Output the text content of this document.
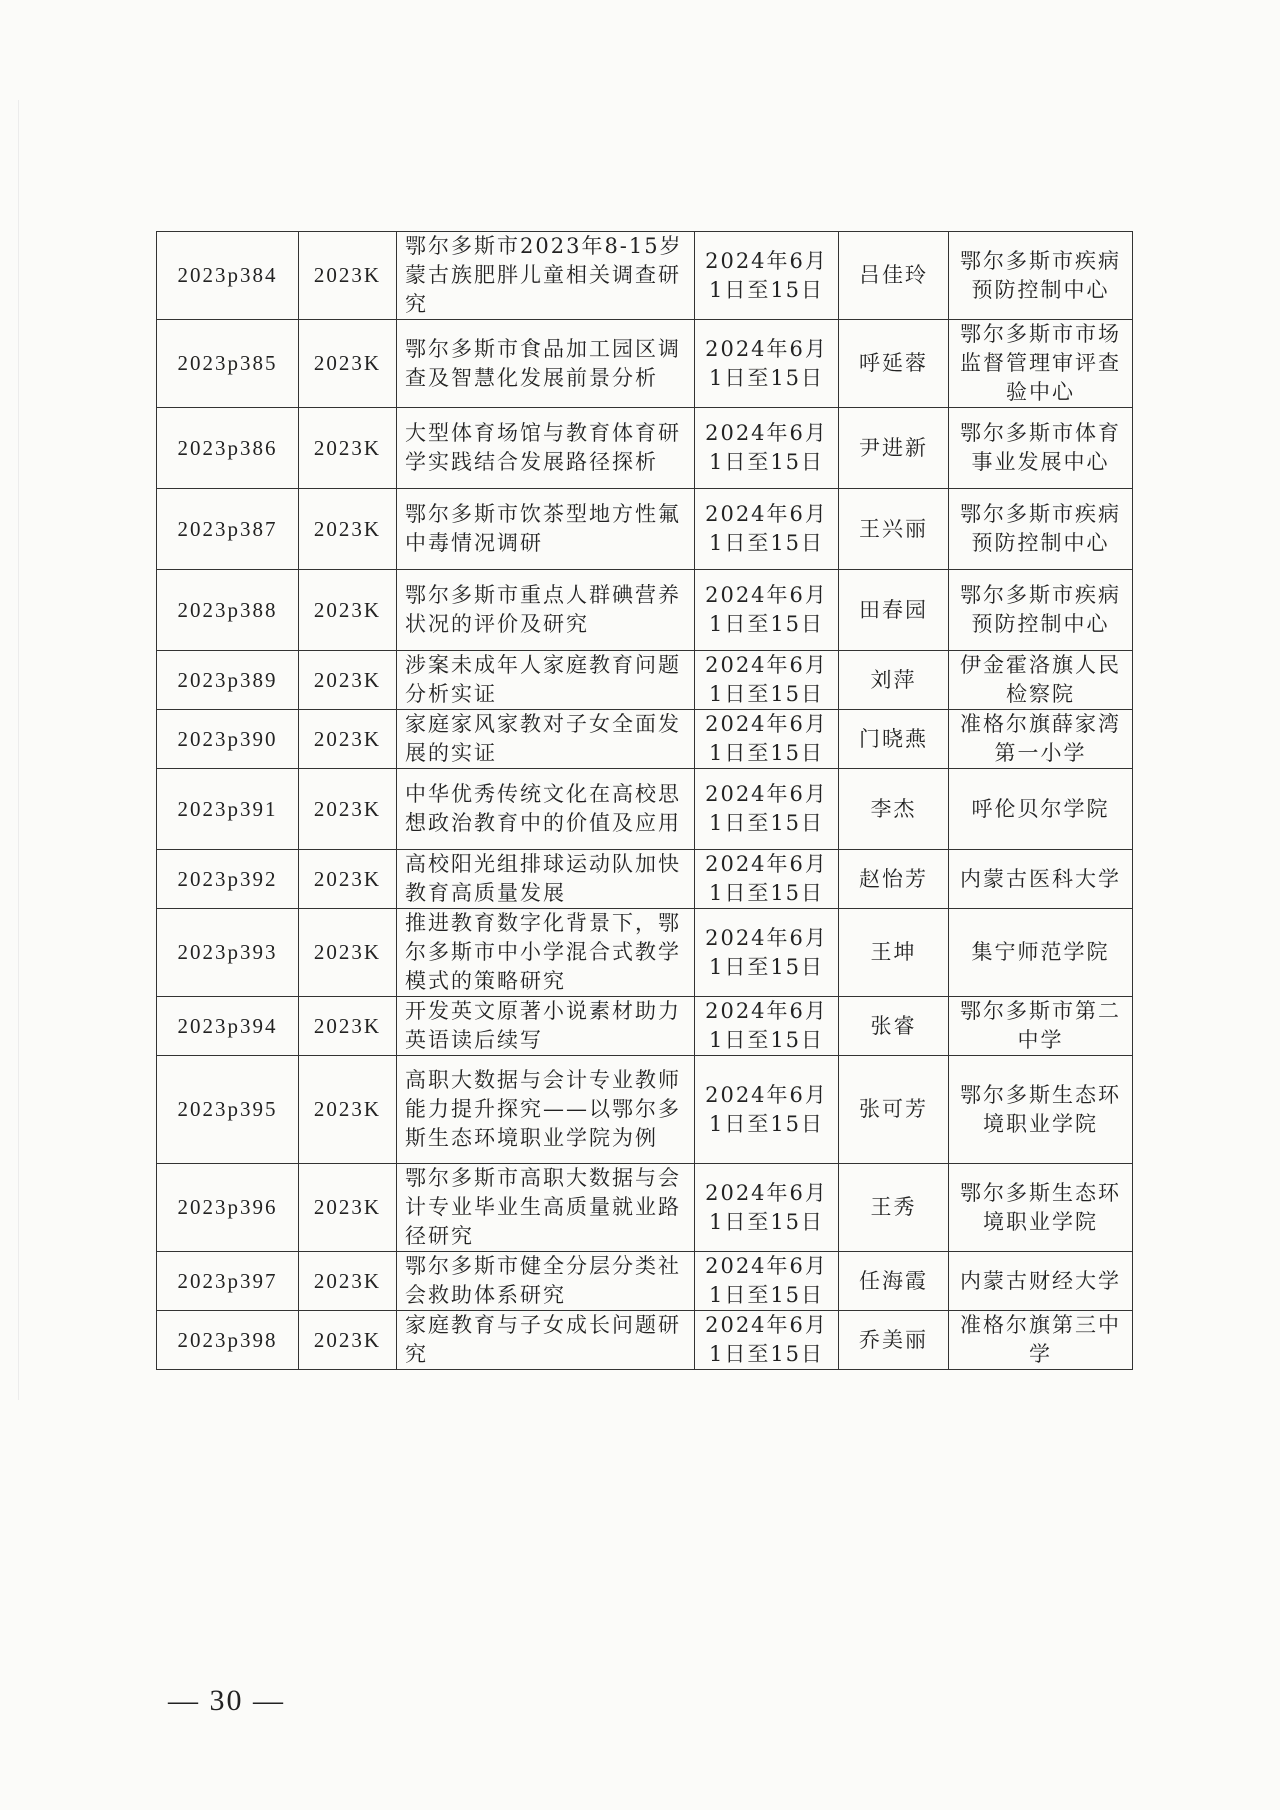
2023p384	2023K	鄂尔多斯市2023年8-15岁蒙古族肥胖儿童相关调查研究	2024年6月1日至15日	吕佳玲	鄂尔多斯市疾病预防控制中心
2023p385	2023K	鄂尔多斯市食品加工园区调查及智慧化发展前景分析	2024年6月1日至15日	呼延蓉	鄂尔多斯市市场监督管理审评查验中心
2023p386	2023K	大型体育场馆与教育体育研学实践结合发展路径探析	2024年6月1日至15日	尹进新	鄂尔多斯市体育事业发展中心
2023p387	2023K	鄂尔多斯市饮茶型地方性氟中毒情况调研	2024年6月1日至15日	王兴丽	鄂尔多斯市疾病预防控制中心
2023p388	2023K	鄂尔多斯市重点人群碘营养状况的评价及研究	2024年6月1日至15日	田春园	鄂尔多斯市疾病预防控制中心
2023p389	2023K	涉案未成年人家庭教育问题分析实证	2024年6月1日至15日	刘萍	伊金霍洛旗人民检察院
2023p390	2023K	家庭家风家教对子女全面发展的实证	2024年6月1日至15日	门晓燕	准格尔旗薛家湾第一小学
2023p391	2023K	中华优秀传统文化在高校思想政治教育中的价值及应用	2024年6月1日至15日	李杰	呼伦贝尔学院
2023p392	2023K	高校阳光组排球运动队加快教育高质量发展	2024年6月1日至15日	赵怡芳	内蒙古医科大学
2023p393	2023K	推进教育数字化背景下，鄂尔多斯市中小学混合式教学模式的策略研究	2024年6月1日至15日	王坤	集宁师范学院
2023p394	2023K	开发英文原著小说素材助力英语读后续写	2024年6月1日至15日	张睿	鄂尔多斯市第二中学
2023p395	2023K	高职大数据与会计专业教师能力提升探究——以鄂尔多斯生态环境职业学院为例	2024年6月1日至15日	张可芳	鄂尔多斯生态环境职业学院
2023p396	2023K	鄂尔多斯市高职大数据与会计专业毕业生高质量就业路径研究	2024年6月1日至15日	王秀	鄂尔多斯生态环境职业学院
2023p397	2023K	鄂尔多斯市健全分层分类社会救助体系研究	2024年6月1日至15日	任海霞	内蒙古财经大学
2023p398	2023K	家庭教育与子女成长问题研究	2024年6月1日至15日	乔美丽	准格尔旗第三中学
— 30 —
